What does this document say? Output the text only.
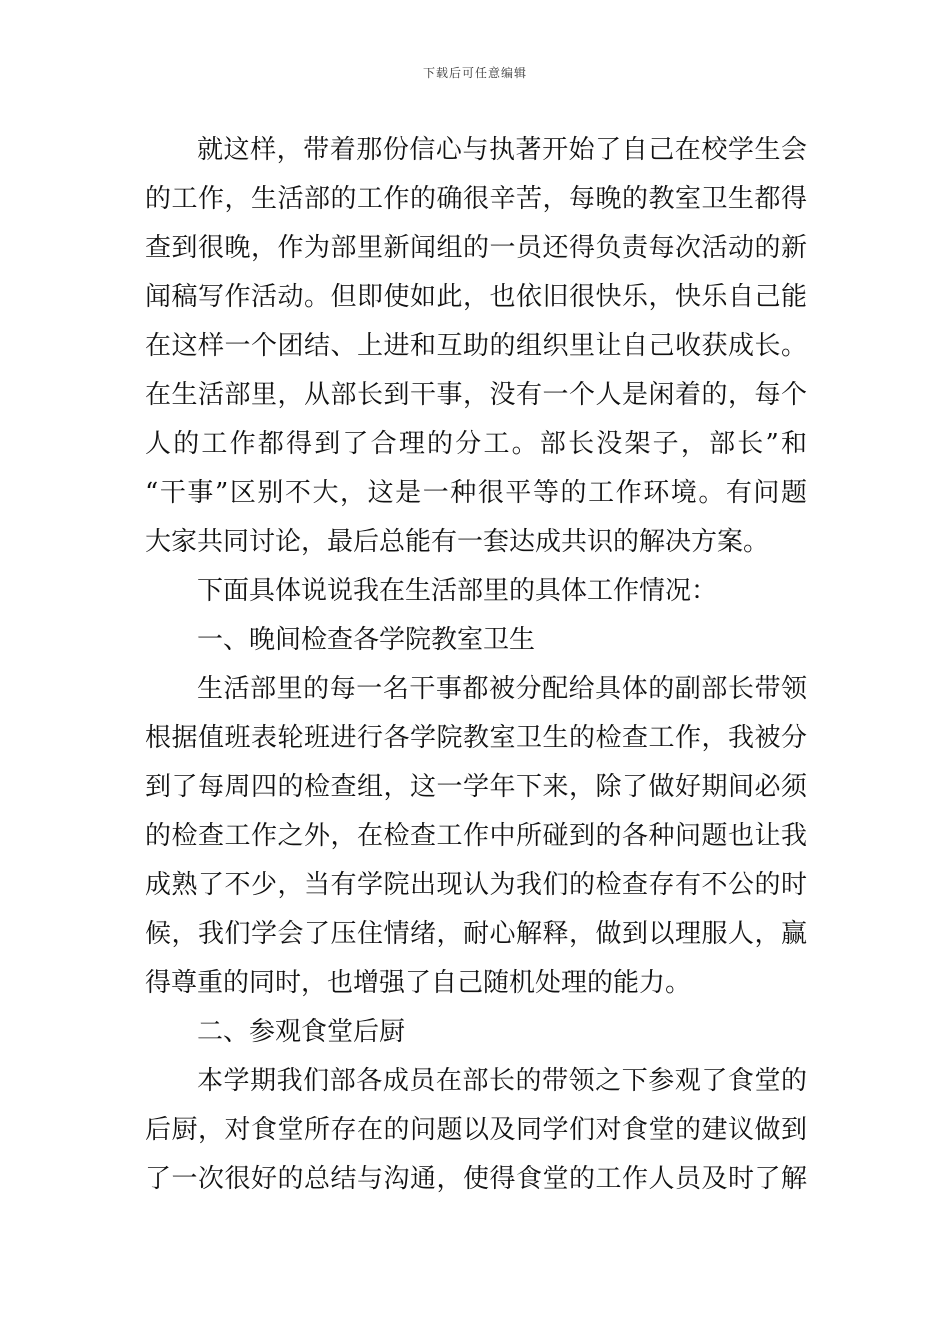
下载后可任意编辑
就这样，带着那份信心与执著开始了自己在校学生会
的工作，生活部的工作的确很辛苦，每晚的教室卫生都得
查到很晚，作为部里新闻组的一员还得负责每次活动的新
闻稿写作活动。但即使如此，也依旧很快乐，快乐自己能
在这样一个团结、上进和互助的组织里让自己收获成长。
在生活部里，从部长到干事，没有一个人是闲着的，每个
人的工作都得到了合理的分工。部长没架子，部长”和
“干事”区别不大，这是一种很平等的工作环境。有问题
大家共同讨论，最后总能有一套达成共识的解决方案。
下面具体说说我在生活部里的具体工作情况：
一、晚间检查各学院教室卫生
生活部里的每一名干事都被分配给具体的副部长带领
根据值班表轮班进行各学院教室卫生的检查工作，我被分
到了每周四的检查组，这一学年下来，除了做好期间必须
的检查工作之外，在检查工作中所碰到的各种问题也让我
成熟了不少，当有学院出现认为我们的检查存有不公的时
候，我们学会了压住情绪，耐心解释，做到以理服人，赢
得尊重的同时，也增强了自己随机处理的能力。
二、参观食堂后厨
本学期我们部各成员在部长的带领之下参观了食堂的
后厨，对食堂所存在的问题以及同学们对食堂的建议做到
了一次很好的总结与沟通，使得食堂的工作人员及时了解
